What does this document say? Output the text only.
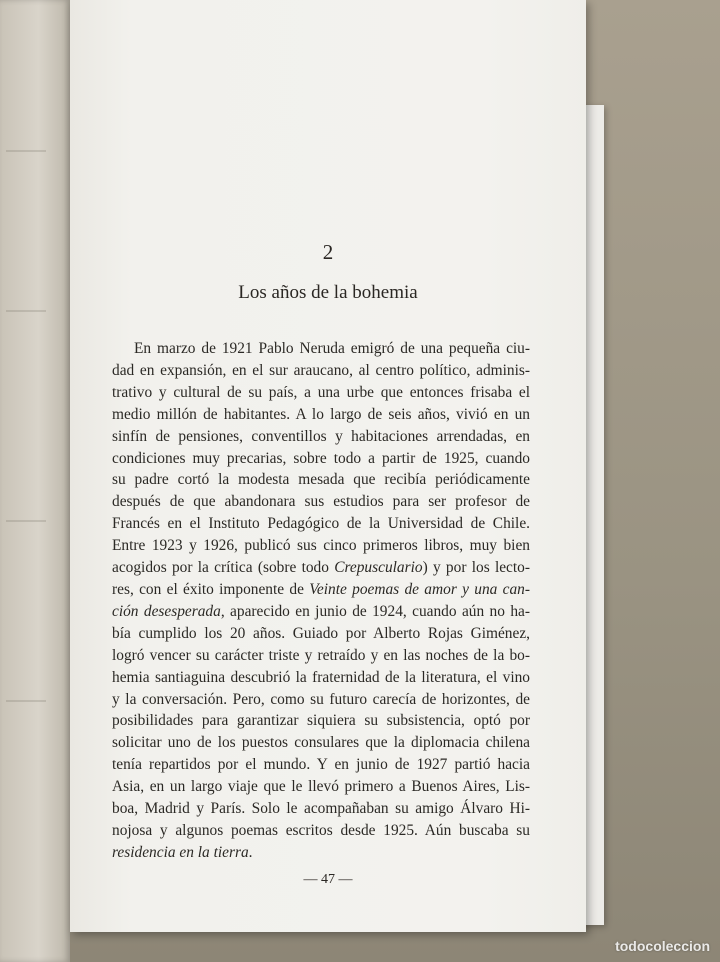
2
Los años de la bohemia
En marzo de 1921 Pablo Neruda emigró de una pequeña ciu-
dad en expansión, en el sur araucano, al centro político, adminis-
trativo y cultural de su país, a una urbe que entonces frisaba el
medio millón de habitantes. A lo largo de seis años, vivió en un
sinfín de pensiones, conventillos y habitaciones arrendadas, en
condiciones muy precarias, sobre todo a partir de 1925, cuando
su padre cortó la modesta mesada que recibía periódicamente
después de que abandonara sus estudios para ser profesor de
Francés en el Instituto Pedagógico de la Universidad de Chile.
Entre 1923 y 1926, publicó sus cinco primeros libros, muy bien
acogidos por la crítica (sobre todo Crepusculario) y por los lecto-
res, con el éxito imponente de Veinte poemas de amor y una can-
ción desesperada, aparecido en junio de 1924, cuando aún no ha-
bía cumplido los 20 años. Guiado por Alberto Rojas Giménez,
logró vencer su carácter triste y retraído y en las noches de la bo-
hemia santiaguina descubrió la fraternidad de la literatura, el vino
y la conversación. Pero, como su futuro carecía de horizontes, de
posibilidades para garantizar siquiera su subsistencia, optó por
solicitar uno de los puestos consulares que la diplomacia chilena
tenía repartidos por el mundo. Y en junio de 1927 partió hacia
Asia, en un largo viaje que le llevó primero a Buenos Aires, Lis-
boa, Madrid y París. Solo le acompañaban su amigo Álvaro Hi-
nojosa y algunos poemas escritos desde 1925. Aún buscaba su
residencia en la tierra.
— 47 —
todocoleccion
